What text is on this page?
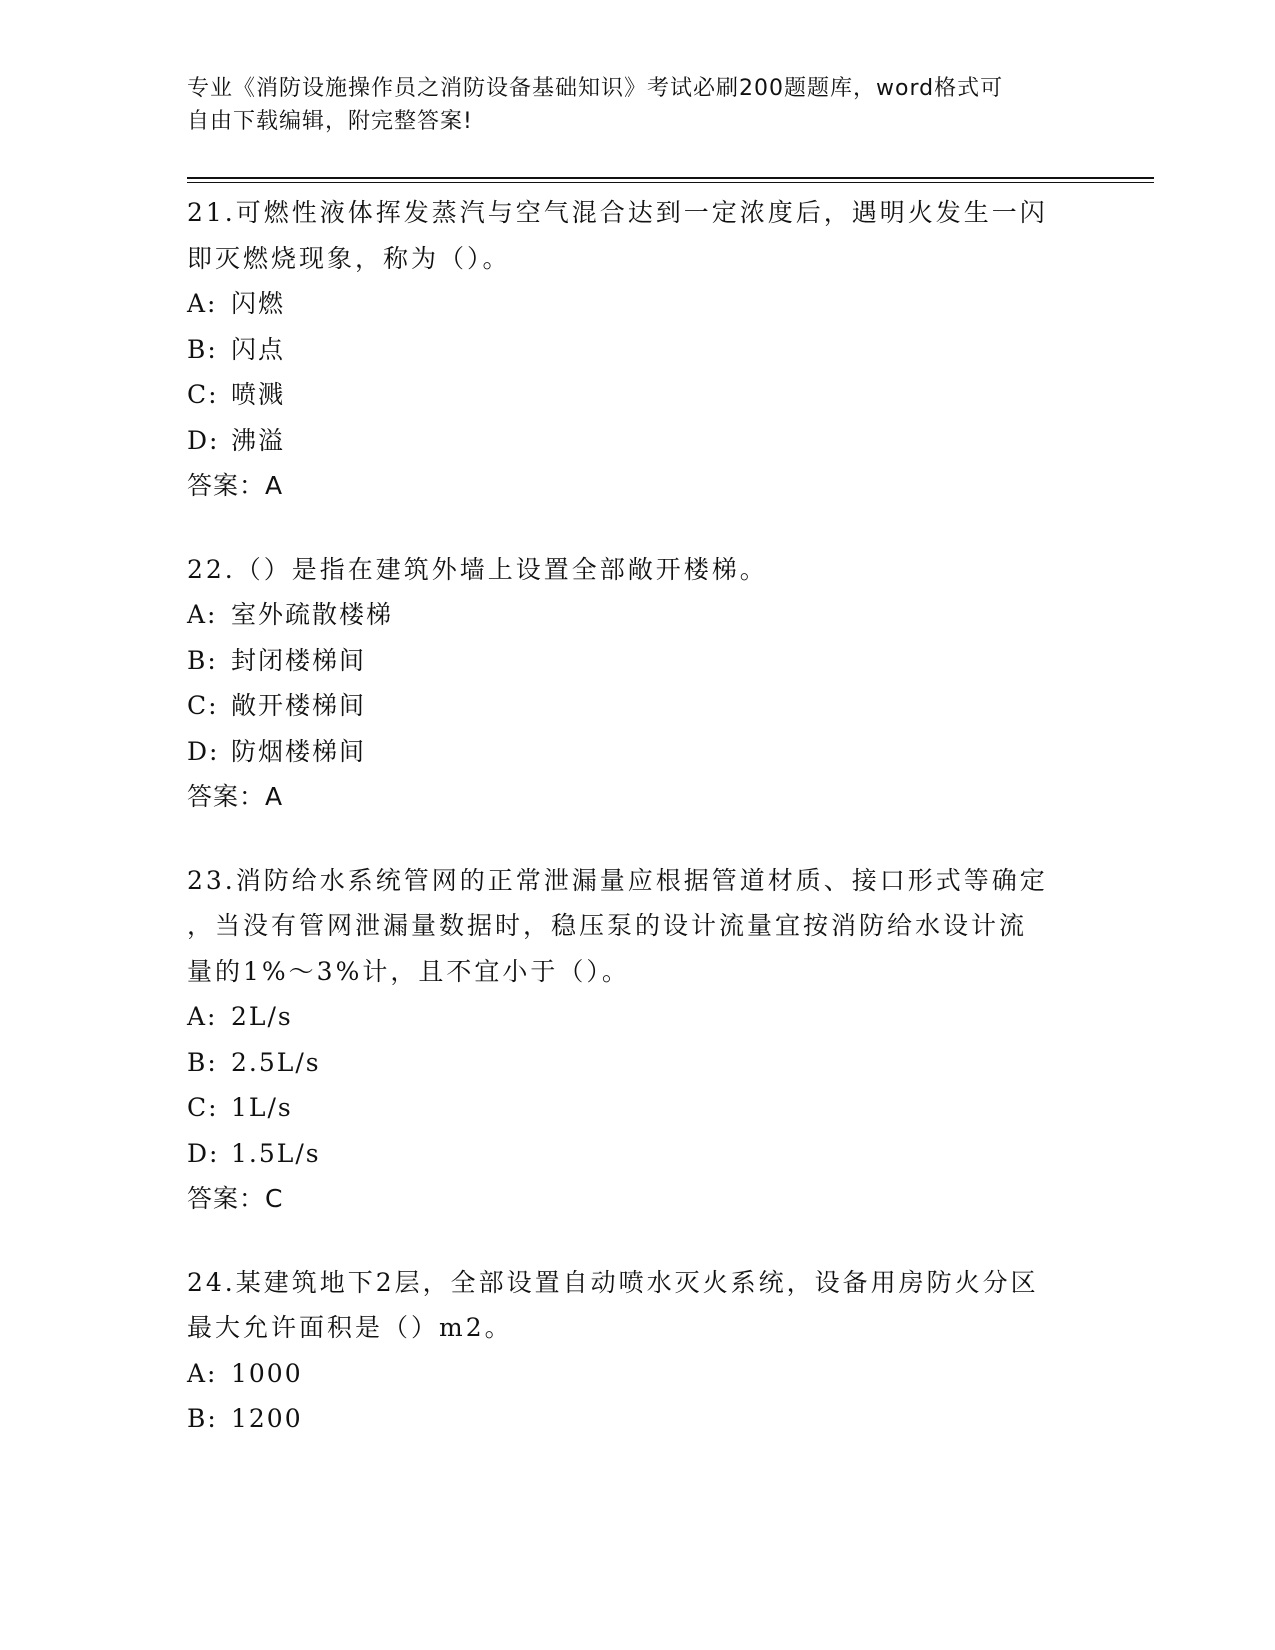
专业《消防设施操作员之消防设备基础知识》考试必刷200题题库，word格式可
自由下载编辑，附完整答案!

21.可燃性液体挥发蒸汽与空气混合达到一定浓度后，遇明火发生一闪

即灭燃烧现象，称为（）。

A: 闪燃

B: 闪点

C: 喷溅

D: 沸溢

答案：A

22.（）是指在建筑外墙上设置全部敞开楼梯。

A: 室外疏散楼梯

B: 封闭楼梯间

C: 敞开楼梯间

D: 防烟楼梯间

答案：A

23.消防给水系统管网的正常泄漏量应根据管道材质、接口形式等确定

，当没有管网泄漏量数据时，稳压泵的设计流量宜按消防给水设计流

量的1%～3%计，且不宜小于（）。

A: 2L/s

B: 2.5L/s

C: 1L/s

D: 1.5L/s

答案：C

24.某建筑地下2层，全部设置自动喷水灭火系统，设备用房防火分区

最大允许面积是（）m2。

A: 1000

B: 1200
